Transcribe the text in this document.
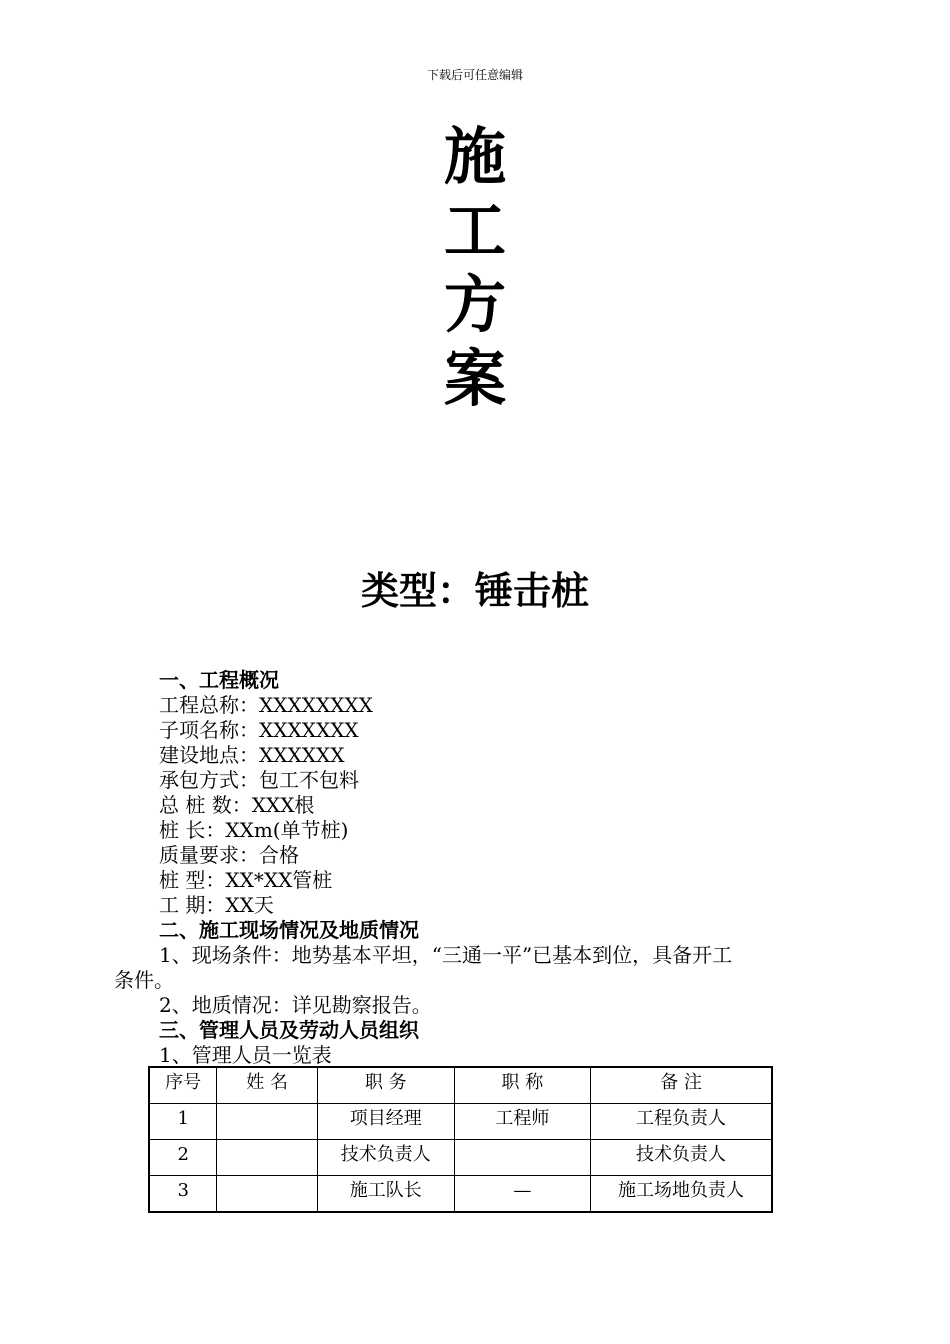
下载后可任意编辑
施
工
方
案
类型：锤击桩
一、工程概况
工程总称：XXXXXXXX
子项名称：XXXXXXX
建设地点：XXXXXX
承包方式：包工不包料
总 桩 数：XXX根
桩 长：XXm(单节桩)
质量要求：合格
桩 型：XX*XX管桩
工 期：XX天
二、施工现场情况及地质情况
1、现场条件：地势基本平坦，“三通一平”已基本到位，具备开工
条件。
2、地质情况：详见勘察报告。
三、管理人员及劳动人员组织
1、管理人员一览表
序号	姓 名	职 务	职 称	备 注
1		项目经理	工程师	工程负责人
2		技术负责人		技术负责人
3		施工队长	—	施工场地负责人
